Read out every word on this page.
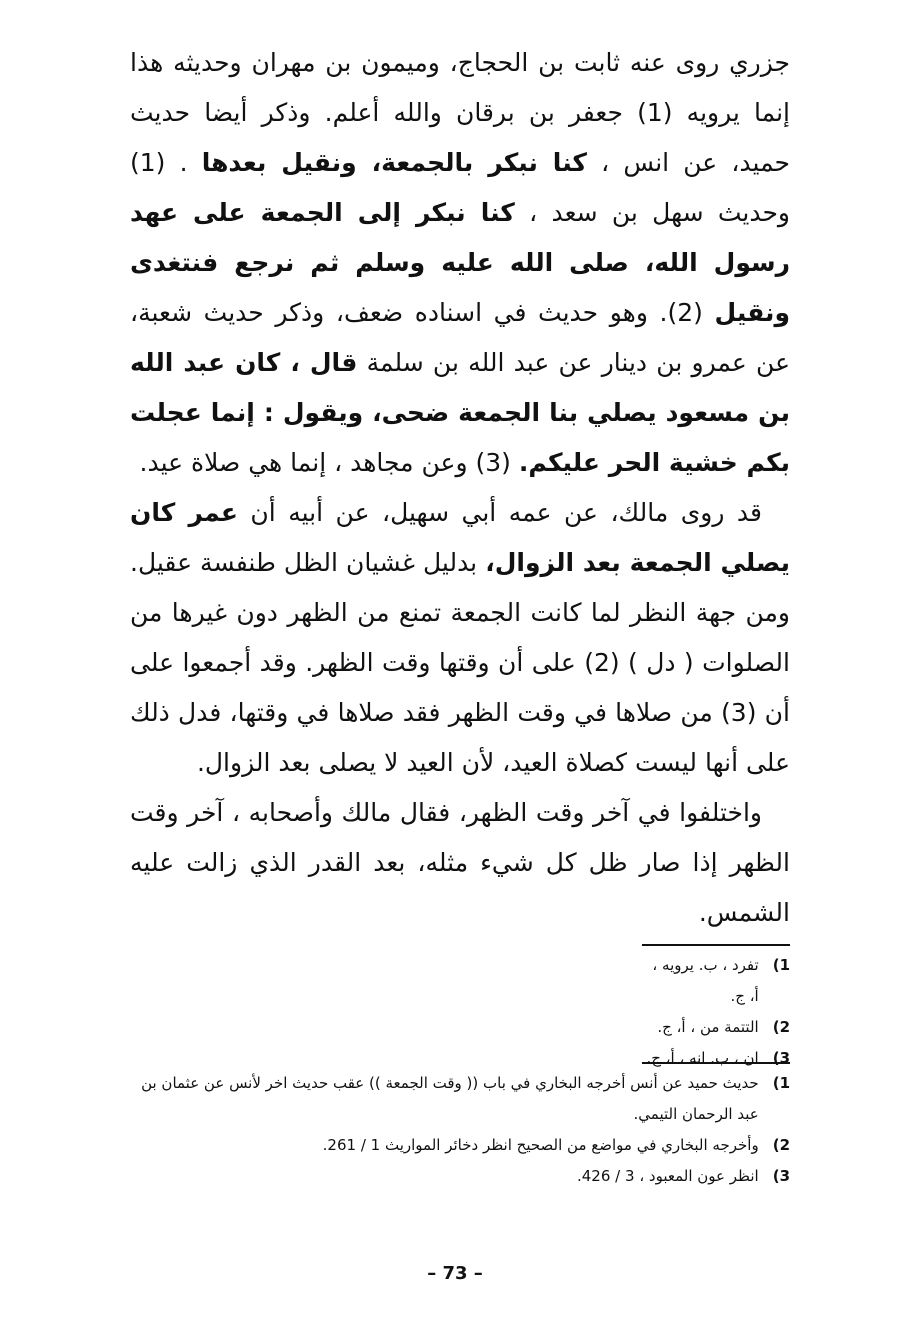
جزري روى عنه ثابت بن الحجاج، وميمون بن مهران وحديثه هذا إنما يرويه (1) جعفر بن برقان والله أعلم. وذكر أيضا حديث حميد، عن انس ، كنا نبكر بالجمعة، ونقيل بعدها . (1) وحديث سهل بن سعد ، كنا نبكر إلى الجمعة على عهد رسول الله، صلى الله عليه وسلم ثم نرجع فنتغدى ونقيل (2). وهو حديث في اسناده ضعف، وذكر حديث شعبة، عن عمرو بن دينار عن عبد الله بن سلمة قال ، كان عبد الله بن مسعود يصلي بنا الجمعة ضحى، ويقول : إنما عجلت بكم خشية الحر عليكم. (3) وعن مجاهد ، إنما هي صلاة عيد.

قد روى مالك، عن عمه أبي سهيل، عن أبيه أن عمر كان يصلي الجمعة بعد الزوال، بدليل غشيان الظل طنفسة عقيل. ومن جهة النظر لما كانت الجمعة تمنع من الظهر دون غيرها من الصلوات ( دل ) (2) على أن وقتها وقت الظهر. وقد أجمعوا على أن (3) من صلاها في وقت الظهر فقد صلاها في وقتها، فدل ذلك على أنها ليست كصلاة العيد، لأن العيد لا يصلى بعد الزوال.

واختلفوا في آخر وقت الظهر، فقال مالك وأصحابه ، آخر وقت الظهر إذا صار ظل كل شيء مثله، بعد القدر الذي زالت عليه الشمس.

1)
تفرد ، ب. يرويه ، أ، ج.
2)
التتمة من ، أ، ج.
3)
ان ، ب. انه ، أ، ج.
1)
حديث حميد عن أنس أخرجه البخاري في باب (( وقت الجمعة )) عقب حديث اخر لأنس عن عثمان بن عبد الرحمان التيمي.
2)
وأخرجه البخاري في مواضع من الصحيح انظر دخائر المواريث 1 / 261.
3)
انظر عون المعبود ، 3 / 426.
– 73 –
